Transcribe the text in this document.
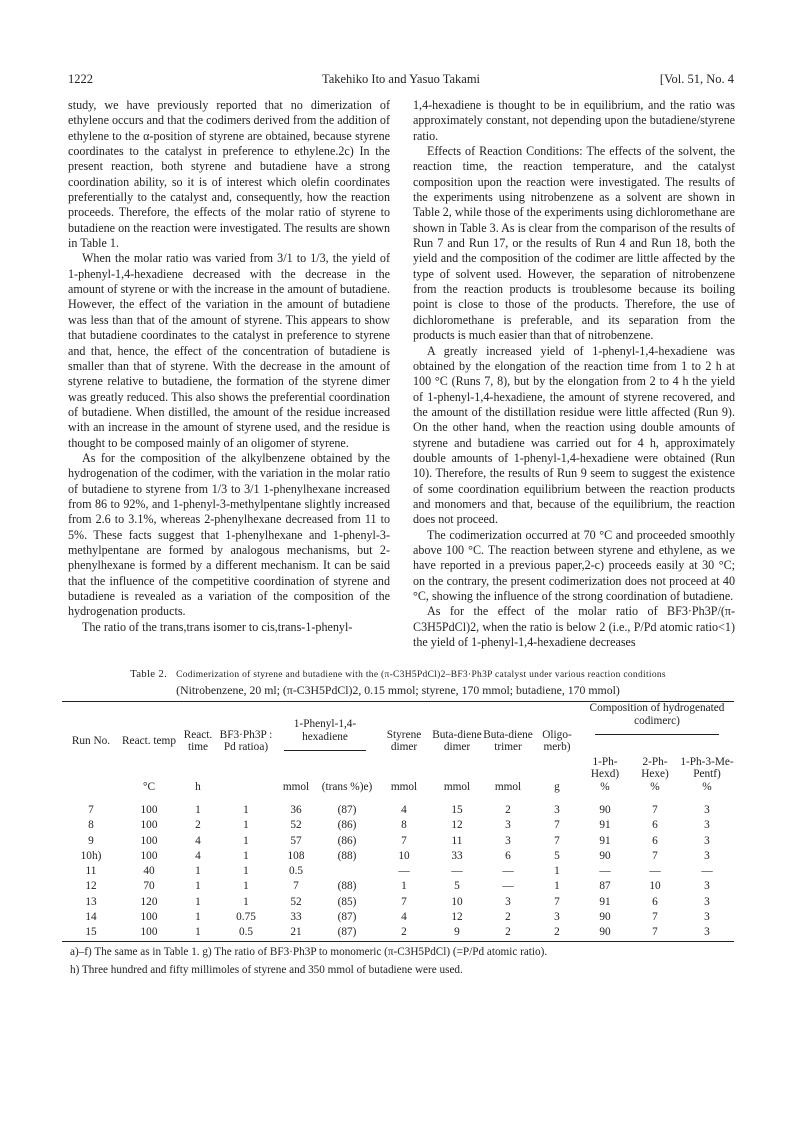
1222	Takehiko Ito and Yasuo Takami	[Vol. 51, No. 4

study, we have previously reported that no dimerization of ethylene occurs and that the codimers derived from the addition of ethylene to the α-position of styrene are obtained, because styrene coordinates to the catalyst in preference to ethylene.2c) In the present reaction, both styrene and butadiene have a strong coordination ability, so it is of interest which olefin coordinates preferentially to the catalyst and, consequently, how the reaction proceeds. Therefore, the effects of the molar ratio of styrene to butadiene on the reaction were investigated. The results are shown in Table 1.

When the molar ratio was varied from 3/1 to 1/3, the yield of 1-phenyl-1,4-hexadiene decreased with the decrease in the amount of styrene or with the increase in the amount of butadiene. However, the effect of the variation in the amount of butadiene was less than that of the amount of styrene. This appears to show that butadiene coordinates to the catalyst in preference to styrene and that, hence, the effect of the concentration of butadiene is smaller than that of styrene. With the decrease in the amount of styrene relative to butadiene, the formation of the styrene dimer was greatly reduced. This also shows the preferential coordination of butadiene. When distilled, the amount of the residue increased with an increase in the amount of styrene used, and the residue is thought to be composed mainly of an oligomer of styrene.

As for the composition of the alkylbenzene obtained by the hydrogenation of the codimer, with the variation in the molar ratio of butadiene to styrene from 1/3 to 3/1 1-phenylhexane increased from 86 to 92%, and 1-phenyl-3-methylpentane slightly increased from 2.6 to 3.1%, whereas 2-phenylhexane decreased from 11 to 5%. These facts suggest that 1-phenylhexane and 1-phenyl-3-methylpentane are formed by analogous mechanisms, but 2-phenylhexane is formed by a different mechanism. It can be said that the influence of the competitive coordination of styrene and butadiene is revealed as a variation of the composition of the hydrogenation products.

The ratio of the trans,trans isomer to cis,trans-1-phenyl-

1,4-hexadiene is thought to be in equilibrium, and the ratio was approximately constant, not depending upon the butadiene/styrene ratio.

Effects of Reaction Conditions: The effects of the solvent, the reaction time, the reaction temperature, and the catalyst composition upon the reaction were investigated. The results of the experiments using nitrobenzene as a solvent are shown in Table 2, while those of the experiments using dichloromethane are shown in Table 3. As is clear from the comparison of the results of Run 7 and Run 17, or the results of Run 4 and Run 18, both the yield and the composition of the codimer are little affected by the type of solvent used. However, the separation of nitrobenzene from the reaction products is troublesome because its boiling point is close to those of the products. Therefore, the use of dichloromethane is preferable, and its separation from the products is much easier than that of nitrobenzene.

A greatly increased yield of 1-phenyl-1,4-hexadiene was obtained by the elongation of the reaction time from 1 to 2 h at 100 °C (Runs 7, 8), but by the elongation from 2 to 4 h the yield of 1-phenyl-1,4-hexadiene, the amount of styrene recovered, and the amount of the distillation residue were little affected (Run 9). On the other hand, when the reaction using double amounts of styrene and butadiene was carried out for 4 h, approximately double amounts of 1-phenyl-1,4-hexadiene were obtained (Run 10). Therefore, the results of Run 9 seem to suggest the existence of some coordination equilibrium between the reaction products and monomers and that, because of the equilibrium, the reaction does not proceed.

The codimerization occurred at 70 °C and proceeded smoothly above 100 °C. The reaction between styrene and ethylene, as we have reported in a previous paper,2-c) proceeds easily at 30 °C; on the contrary, the present codimerization does not proceed at 40 °C, showing the influence of the strong coordination of butadiene.

As for the effect of the molar ratio of BF3·Ph3P/(π-C3H5PdCl)2, when the ratio is below 2 (i.e., P/Pd atomic ratio<1) the yield of 1-phenyl-1,4-hexadiene decreases

Table 2. Codimerization of styrene and butadiene with the (π-C3H5PdCl)2–BF3·Ph3P catalyst under various reaction conditions
(Nitrobenzene, 20 ml; (π-C3H5PdCl)2, 0.15 mmol; styrene, 170 mmol; butadiene, 170 mmol)
Run No.	React. temp	React. time	BF3·Ph3P : Pd ratioa)	1-Phenyl-1,4-hexadiene		Styrene dimer	Buta-diene dimer	Buta-diene trimer	Oligo-merb)	Composition of hydrogenated codimerc)		

										1-Ph-Hexd)	2-Ph-Hexe)	1-Ph-3-Me-Pentf)
	°C	h		mmol	(trans %)e)	mmol	mmol	mmol	g	%	%	%
7	100	1	1	36	(87)	4	15	2	3	90	7	3
8	100	2	1	52	(86)	8	12	3	7	91	6	3
9	100	4	1	57	(86)	7	11	3	7	91	6	3
10h)	100	4	1	108	(88)	10	33	6	5	90	7	3
11	40	1	1	0.5		—	—	—	1	—	—	—
12	70	1	1	7	(88)	1	5	—	1	87	10	3
13	120	1	1	52	(85)	7	10	3	7	91	6	3
14	100	1	0.75	33	(87)	4	12	2	3	90	7	3
15	100	1	0.5	21	(87)	2	9	2	2	90	7	3
a)–f) The same as in Table 1. g) The ratio of BF3·Ph3P to monomeric (π-C3H5PdCl) (=P/Pd atomic ratio).
h) Three hundred and fifty millimoles of styrene and 350 mmol of butadiene were used.
